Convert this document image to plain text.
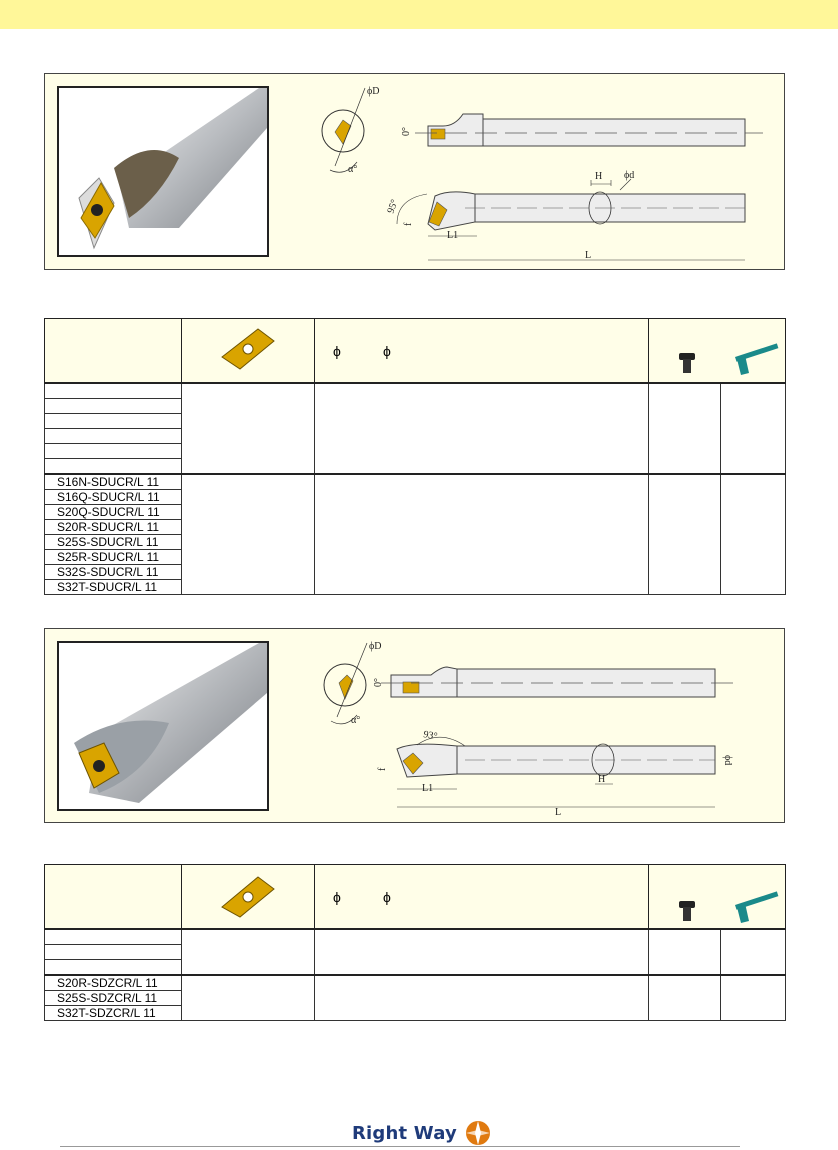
ϕD
α°
0°
H ϕd
95°
f
L1
L

ϕ ϕ

S16N-SDUCR/L 11				
S16Q-SDUCR/L 11				
S20Q-SDUCR/L 11				
S20R-SDUCR/L 11				
S25S-SDUCR/L 11				
S25R-SDUCR/L 11				
S32S-SDUCR/L 11				
S32T-SDUCR/L 11				
ϕD
α°
0°
93°
f
H
ϕd
L1
L

ϕ ϕ

S20R-SDZCR/L 11				
S25S-SDZCR/L 11				
S32T-SDZCR/L 11				
Right Way
